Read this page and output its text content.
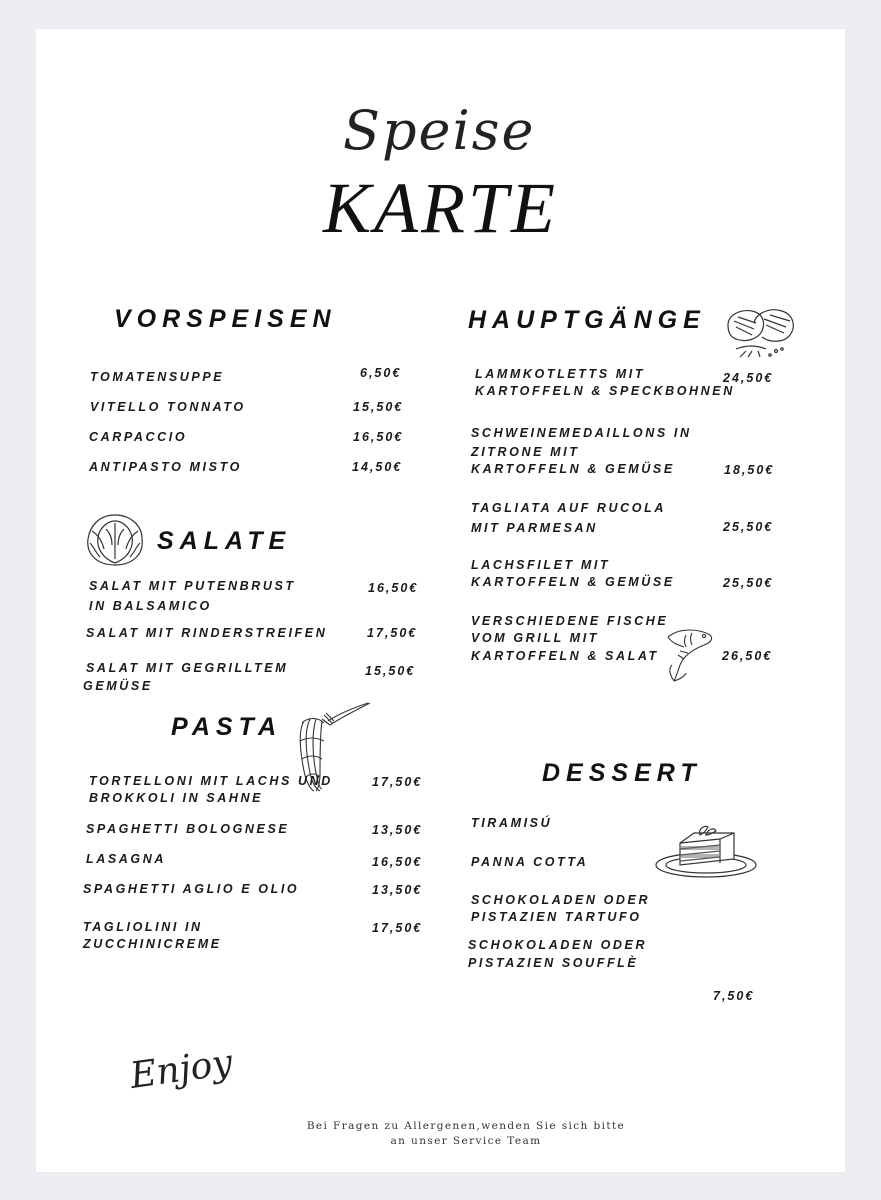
Speise
KARTE
VORSPEISEN
TOMATENSUPPE	6,50€
VITELLO TONNATO	15,50€
CARPACCIO	16,50€
ANTIPASTO MISTO	14,50€
SALATE
SALAT MIT PUTENBRUST
IN BALSAMICO
16,50€
SALAT MIT RINDERSTREIFEN	17,50€
SALAT MIT GEGRILLTEM
GEMÜSE
15,50€
PASTA
TORTELLONI MIT LACHS UND
BROKKOLI IN SAHNE
17,50€
SPAGHETTI BOLOGNESE	13,50€
LASAGNA	16,50€
SPAGHETTI AGLIO E OLIO	13,50€
TAGLIOLINI IN
ZUCCHINICREME
17,50€
HAUPTGÄNGE
LAMMKOTLETTS MIT
KARTOFFELN & SPECKBOHNEN
24,50€
SCHWEINEMEDAILLONS IN
ZITRONE MIT
KARTOFFELN & GEMÜSE	18,50€
TAGLIATA AUF RUCOLA
MIT PARMESAN	25,50€
LACHSFILET MIT
KARTOFFELN & GEMÜSE	25,50€
VERSCHIEDENE FISCHE
VOM GRILL MIT
KARTOFFELN & SALAT	26,50€
DESSERT
TIRAMISÚ
PANNA COTTA
SCHOKOLADEN ODER
PISTAZIEN TARTUFO
SCHOKOLADEN ODER
PISTAZIEN SOUFFLÈ
7,50€
Enjoy
Bei Fragen zu Allergenen,wenden Sie sich bitte
an unser Service Team
